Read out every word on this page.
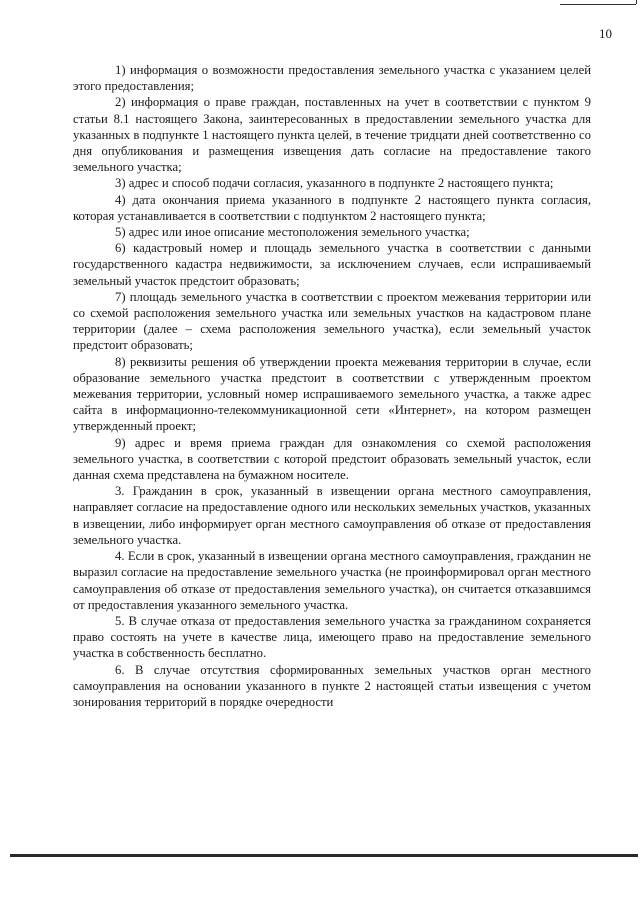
10

1) информация о возможности предоставления земельного участка с указанием целей этого предоставления;

2) информация о праве граждан, поставленных на учет в соответствии с пунктом 9 статьи 8.1 настоящего Закона, заинтересованных в предоставлении земельного участка для указанных в подпункте 1 настоящего пункта целей, в течение тридцати дней соответственно со дня опубликования и размещения извещения дать согласие на предоставление такого земельного участка;

3) адрес и способ подачи согласия, указанного в подпункте 2 настоящего пункта;

4) дата окончания приема указанного в подпункте 2 настоящего пункта согласия, которая устанавливается в соответствии с подпунктом 2 настоящего пункта;

5) адрес или иное описание местоположения земельного участка;

6) кадастровый номер и площадь земельного участка в соответствии с данными государственного кадастра недвижимости, за исключением случаев, если испрашиваемый земельный участок предстоит образовать;

7) площадь земельного участка в соответствии с проектом межевания территории или со схемой расположения земельного участка или земельных участков на кадастровом плане территории (далее – схема расположения земельного участка), если земельный участок предстоит образовать;

8) реквизиты решения об утверждении проекта межевания территории в случае, если образование земельного участка предстоит в соответствии с утвержденным проектом межевания территории, условный номер испрашиваемого земельного участка, а также адрес сайта в информационно-телекоммуникационной сети «Интернет», на котором размещен утвержденный проект;

9) адрес и время приема граждан для ознакомления со схемой расположения земельного участка, в соответствии с которой предстоит образовать земельный участок, если данная схема представлена на бумажном носителе.

3. Гражданин в срок, указанный в извещении органа местного самоуправления, направляет согласие на предоставление одного или нескольких земельных участков, указанных в извещении, либо информирует орган местного самоуправления об отказе от предоставления земельного участка.

4. Если в срок, указанный в извещении органа местного самоуправления, гражданин не выразил согласие на предоставление земельного участка (не проинформировал орган местного самоуправления об отказе от предоставления земельного участка), он считается отказавшимся от предоставления указанного земельного участка.

5. В случае отказа от предоставления земельного участка за гражданином сохраняется право состоять на учете в качестве лица, имеющего право на предоставление земельного участка в собственность бесплатно.

6. В случае отсутствия сформированных земельных участков орган местного самоуправления на основании указанного в пункте 2 настоящей статьи извещения с учетом зонирования территорий в порядке очередности
